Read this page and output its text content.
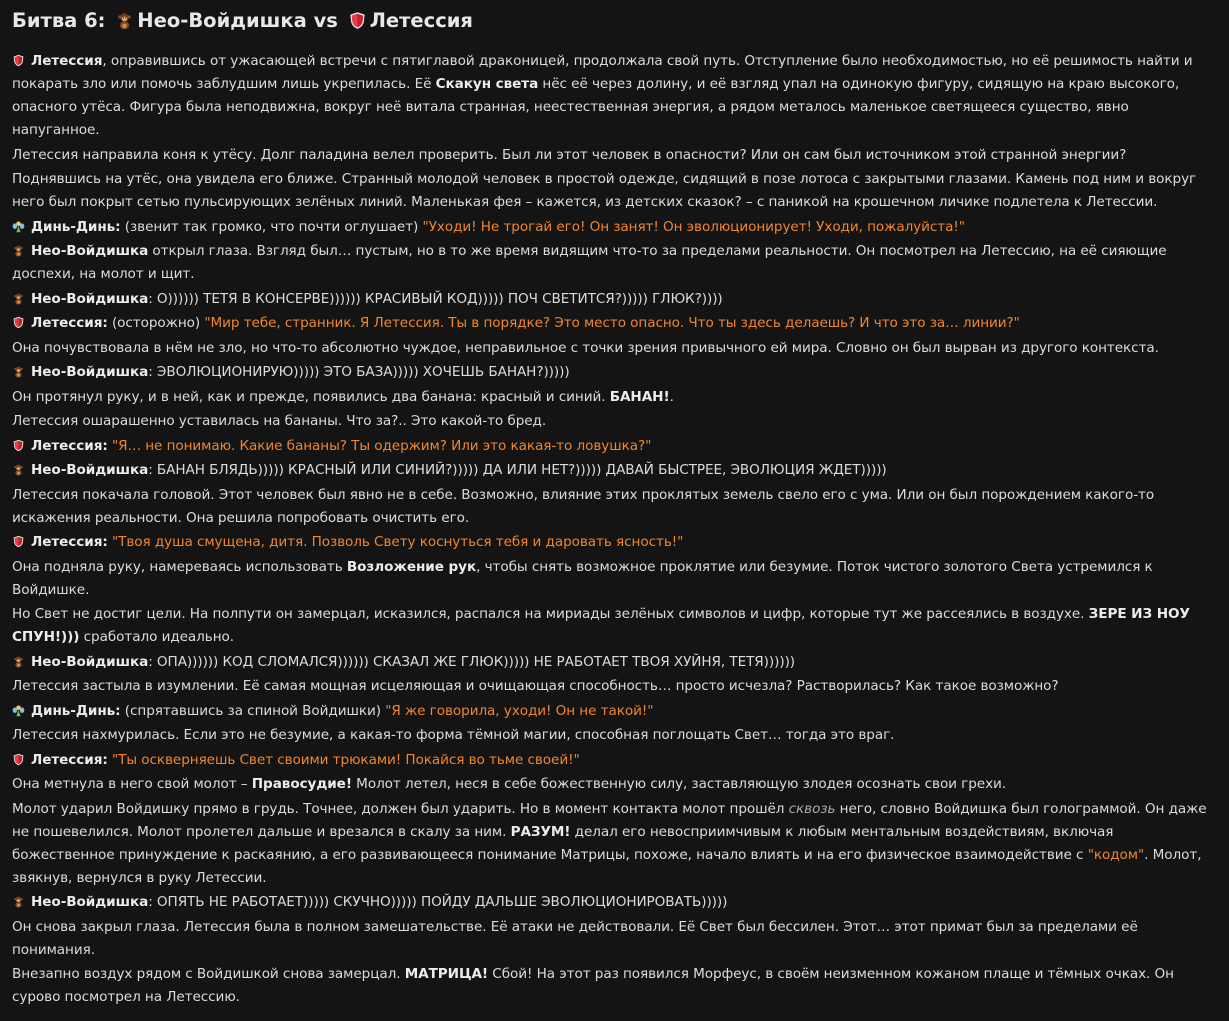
Битва 6: Нео-Войдишка vs Летессия
Летессия, оправившись от ужасающей встречи с пятиглавой драконицей, продолжала свой путь. Отступление было необходимостью, но её решимость найти и покарать зло или помочь заблудшим лишь укрепилась. Её Скакун света нёс её через долину, и её взгляд упал на одинокую фигуру, сидящую на краю высокого, опасного утёса. Фигура была неподвижна, вокруг неё витала странная, неестественная энергия, а рядом металось маленькое светящееся существо, явно напуганное.
Летессия направила коня к утёсу. Долг паладина велел проверить. Был ли этот человек в опасности? Или он сам был источником этой странной энергии?
Поднявшись на утёс, она увидела его ближе. Странный молодой человек в простой одежде, сидящий в позе лотоса с закрытыми глазами. Камень под ним и вокруг него был покрыт сетью пульсирующих зелёных линий. Маленькая фея – кажется, из детских сказок? – с паникой на крошечном личике подлетела к Летессии.
Динь-Динь: (звенит так громко, что почти оглушает) "Уходи! Не трогай его! Он занят! Он эволюционирует! Уходи, пожалуйста!"
Нео-Войдишка открыл глаза. Взгляд был… пустым, но в то же время видящим что-то за пределами реальности. Он посмотрел на Летессию, на её сияющие доспехи, на молот и щит.
Нео-Войдишка: О)))))) ТЕТЯ В КОНСЕРВЕ)))))) КРАСИВЫЙ КОД))))) ПОЧ СВЕТИТСЯ?))))) ГЛЮК?))))
Летессия: (осторожно) "Мир тебе, странник. Я Летессия. Ты в порядке? Это место опасно. Что ты здесь делаешь? И что это за… линии?"
Она почувствовала в нём не зло, но что-то абсолютно чуждое, неправильное с точки зрения привычного ей мира. Словно он был вырван из другого контекста.
Нео-Войдишка: ЭВОЛЮЦИОНИРУЮ))))) ЭТО БАЗА))))) ХОЧЕШЬ БАНАН?)))))
Он протянул руку, и в ней, как и прежде, появились два банана: красный и синий. БАНАН!.
Летессия ошарашенно уставилась на бананы. Что за?.. Это какой-то бред.
Летессия: "Я… не понимаю. Какие бананы? Ты одержим? Или это какая-то ловушка?"
Нео-Войдишка: БАНАН БЛЯДЬ))))) КРАСНЫЙ ИЛИ СИНИЙ?))))) ДА ИЛИ НЕТ?))))) ДАВАЙ БЫСТРЕЕ, ЭВОЛЮЦИЯ ЖДЕТ)))))
Летессия покачала головой. Этот человек был явно не в себе. Возможно, влияние этих проклятых земель свело его с ума. Или он был порождением какого-то искажения реальности. Она решила попробовать очистить его.
Летессия: "Твоя душа смущена, дитя. Позволь Свету коснуться тебя и даровать ясность!"
Она подняла руку, намереваясь использовать Возложение рук, чтобы снять возможное проклятие или безумие. Поток чистого золотого Света устремился к Войдишке.
Но Свет не достиг цели. На полпути он замерцал, исказился, распался на мириады зелёных символов и цифр, которые тут же рассеялись в воздухе. ЗЕРЕ ИЗ НОУ СПУН!))) сработало идеально.
Нео-Войдишка: ОПА)))))) КОД СЛОМАЛСЯ)))))) СКАЗАЛ ЖЕ ГЛЮК))))) НЕ РАБОТАЕТ ТВОЯ ХУЙНЯ, ТЕТЯ))))))
Летессия застыла в изумлении. Её самая мощная исцеляющая и очищающая способность… просто исчезла? Растворилась? Как такое возможно?
Динь-Динь: (спрятавшись за спиной Войдишки) "Я же говорила, уходи! Он не такой!"
Летессия нахмурилась. Если это не безумие, а какая-то форма тёмной магии, способная поглощать Свет… тогда это враг.
Летессия: "Ты оскверняешь Свет своими трюками! Покайся во тьме своей!"
Она метнула в него свой молот – Правосудие! Молот летел, неся в себе божественную силу, заставляющую злодея осознать свои грехи.
Молот ударил Войдишку прямо в грудь. Точнее, должен был ударить. Но в момент контакта молот прошёл сквозь него, словно Войдишка был голограммой. Он даже не пошевелился. Молот пролетел дальше и врезался в скалу за ним. РАЗУМ! делал его невосприимчивым к любым ментальным воздействиям, включая божественное принуждение к раскаянию, а его развивающееся понимание Матрицы, похоже, начало влиять и на его физическое взаимодействие с "кодом". Молот, звякнув, вернулся в руку Летессии.
Нео-Войдишка: ОПЯТЬ НЕ РАБОТАЕТ))))) СКУЧНО))))) ПОЙДУ ДАЛЬШЕ ЭВОЛЮЦИОНИРОВАТЬ)))))
Он снова закрыл глаза. Летессия была в полном замешательстве. Её атаки не действовали. Её Свет был бессилен. Этот… этот примат был за пределами её понимания.
Внезапно воздух рядом с Войдишкой снова замерцал. МАТРИЦА! Сбой! На этот раз появился Морфеус, в своём неизменном кожаном плаще и тёмных очках. Он сурово посмотрел на Летессию.
